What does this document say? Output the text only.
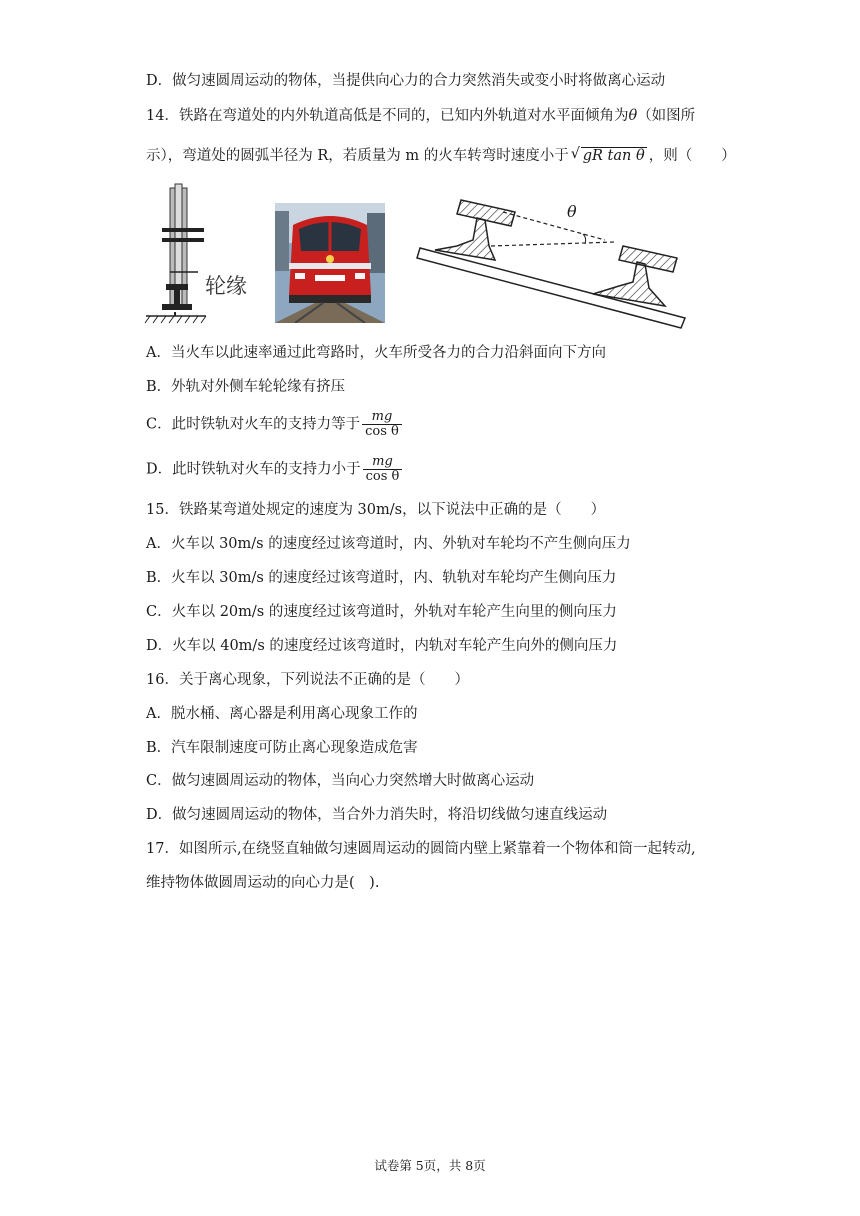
D．做匀速圆周运动的物体，当提供向心力的合力突然消失或变小时将做离心运动
14．铁路在弯道处的内外轨道高低是不同的，已知内外轨道对水平面倾角为θ（如图所
示），弯道处的圆弧半径为 R，若质量为 m 的火车转弯时速度小于 √ gR tan θ ，则（　　）
轮缘
θ
A．当火车以此速率通过此弯路时，火车所受各力的合力沿斜面向下方向
B．外轨对外侧车轮轮缘有挤压
C．此时铁轨对火车的支持力等于 $\frac{mg}{\text{cos θ}}$
D．此时铁轨对火车的支持力小于 $\frac{mg}{\text{cos θ}}$
15．铁路某弯道处规定的速度为 30m/s，以下说法中正确的是（　　）
A．火车以 30m/s 的速度经过该弯道时，内、外轨对车轮均不产生侧向压力
B．火车以 30m/s 的速度经过该弯道时，内、轨轨对车轮均产生侧向压力
C．火车以 20m/s 的速度经过该弯道时，外轨对车轮产生向里的侧向压力
D．火车以 40m/s 的速度经过该弯道时，内轨对车轮产生向外的侧向压力
16．关于离心现象，下列说法不正确的是（　　）
A．脱水桶、离心器是利用离心现象工作的
B．汽车限制速度可防止离心现象造成危害
C．做匀速圆周运动的物体，当向心力突然增大时做离心运动
D．做匀速圆周运动的物体，当合外力消失时，将沿切线做匀速直线运动
17．如图所示,在绕竖直轴做匀速圆周运动的圆筒内壁上紧靠着一个物体和筒一起转动,
维持物体做圆周运动的向心力是(　).
试卷第 5页，共 8页
